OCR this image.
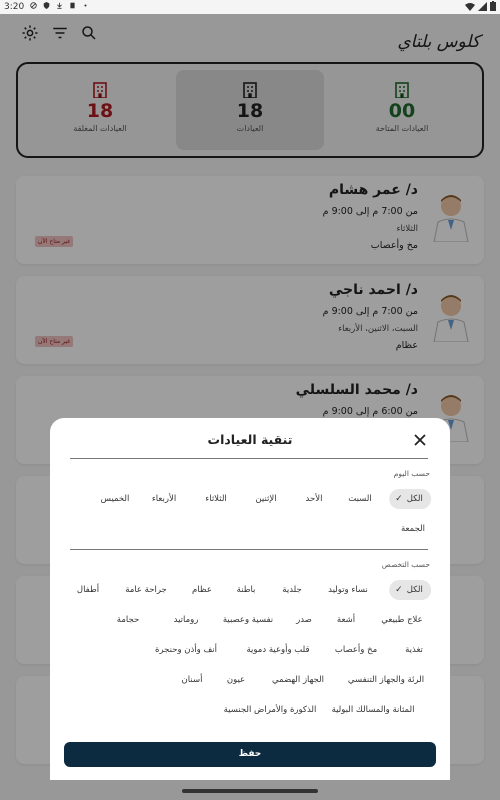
3:20
كلوس بلتاي
18
العيادات المغلقة
18
العيادات
00
العيادات المتاحة
د/ عمر هشام
من 7:00 م إلى 9:00 م
الثلاثاء
مخ وأعصاب
غير متاح الآن
د/ احمد ناجي
من 7:00 م إلى 9:00 م
السبت، الاثنين، الأربعاء
عظام
غير متاح الآن
د/ محمد السلسلي
من 6:00 م إلى 9:00 م
تنقية العيادات
حسب اليوم
✓ الكل
السبت
الأحد
الإثنين
الثلاثاء
الأربعاء
الخميس
الجمعة
حسب التخصص
✓ الكل
نساء وتوليد
جلدية
باطنة
عظام
جراحة عامة
أطفال
علاج طبيعي
أشعة
صدر
نفسية وعصبية
روماتيد
حجامة
تغذية
مخ وأعصاب
قلب وأوعية دموية
أنف وأذن وحنجرة
الرئة والجهاز التنفسي
الجهاز الهضمي
عيون
أسنان
المثانة والمسالك البولية
الذكورة والأمراض الجنسية
حفظ
